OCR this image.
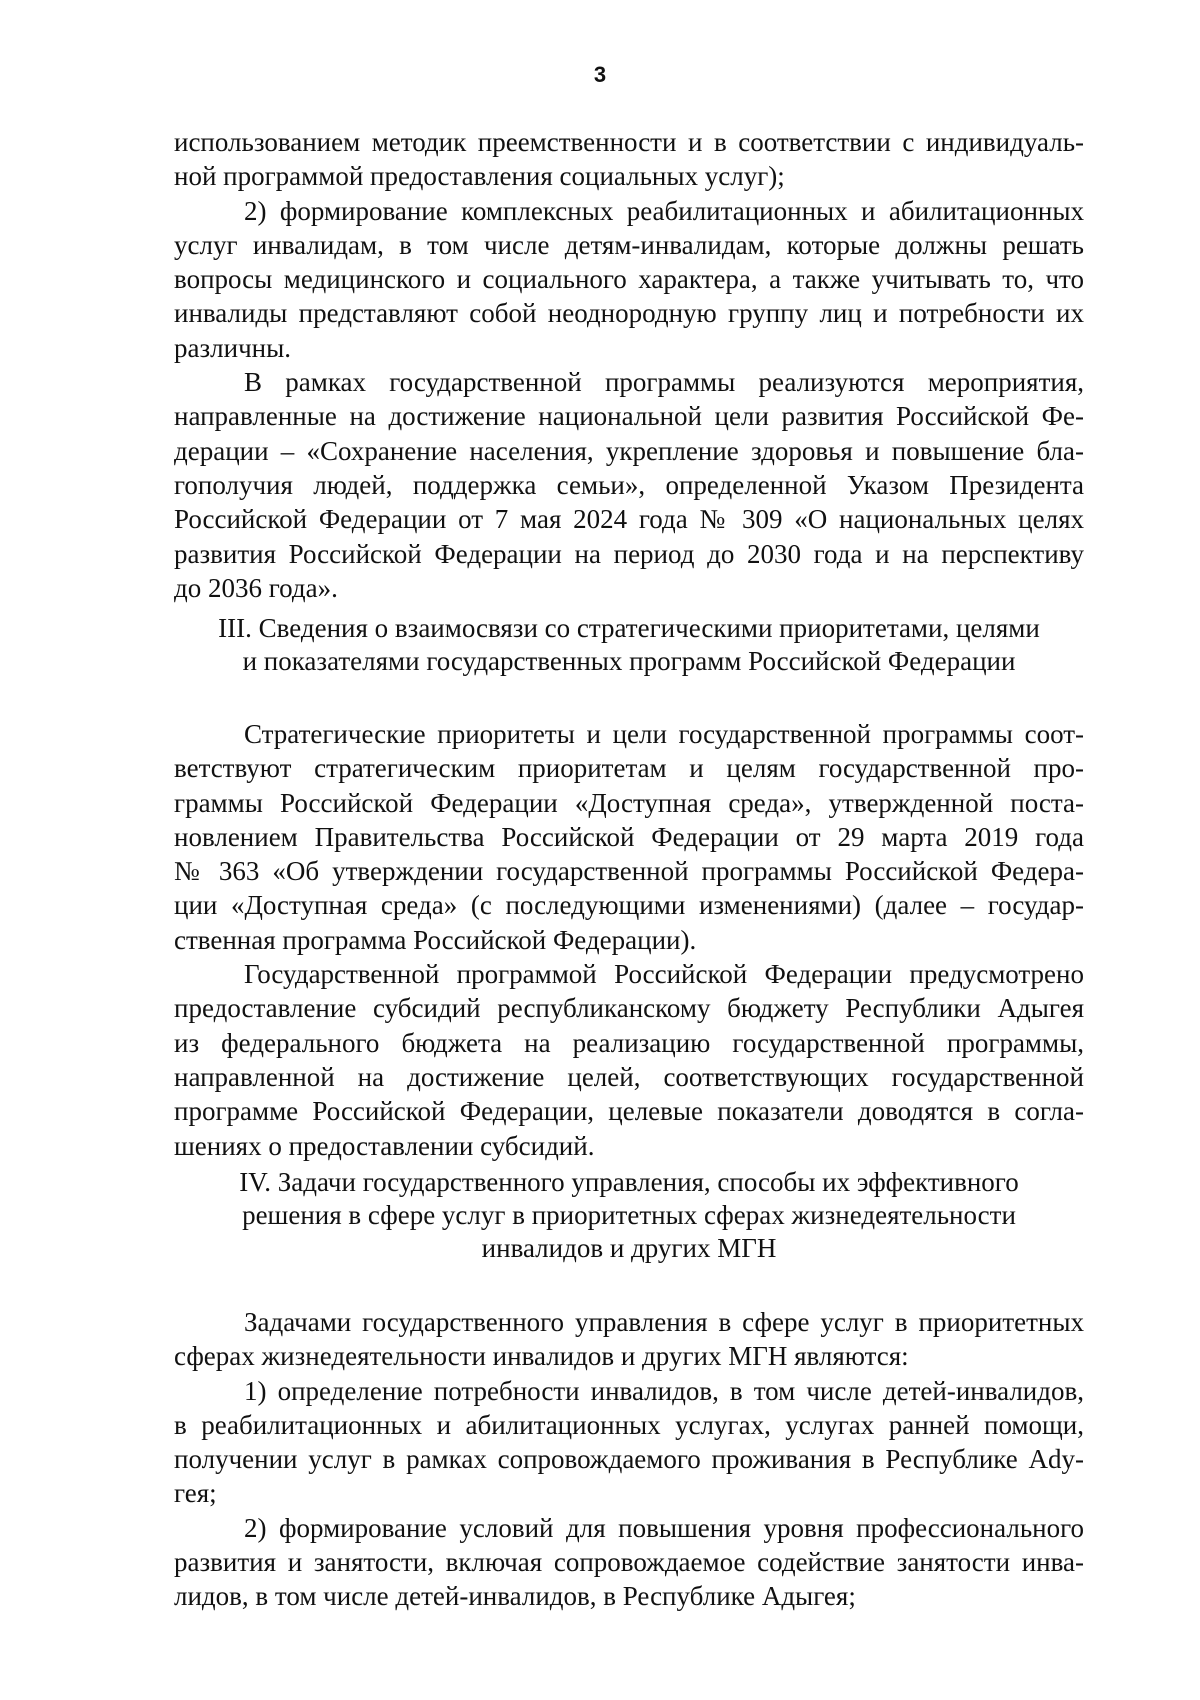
3
использованием методик преемственности и в соответствии с индивидуаль-
ной программой предоставления социальных услуг);
2) формирование комплексных реабилитационных и абилитационных
услуг инвалидам, в том числе детям-инвалидам, которые должны решать
вопросы медицинского и социального характера, а также учитывать то, что
инвалиды представляют собой неоднородную группу лиц и потребности их
различны.
В рамках государственной программы реализуются мероприятия,
направленные на достижение национальной цели развития Российской Фе-
дерации – «Сохранение населения, укрепление здоровья и повышение бла-
гополучия людей, поддержка семьи», определенной Указом Президента
Российской Федерации от 7 мая 2024 года № 309 «О национальных целях
развития Российской Федерации на период до 2030 года и на перспективу
до 2036 года».
III. Сведения о взаимосвязи со стратегическими приоритетами, целями
и показателями государственных программ Российской Федерации
Стратегические приоритеты и цели государственной программы соот-
ветствуют стратегическим приоритетам и целям государственной про-
граммы Российской Федерации «Доступная среда», утвержденной поста-
новлением Правительства Российской Федерации от 29 марта 2019 года
№ 363 «Об утверждении государственной программы Российской Федера-
ции «Доступная среда» (с последующими изменениями) (далее – государ-
ственная программа Российской Федерации).
Государственной программой Российской Федерации предусмотрено
предоставление субсидий республиканскому бюджету Республики Адыгея
из федерального бюджета на реализацию государственной программы,
направленной на достижение целей, соответствующих государственной
программе Российской Федерации, целевые показатели доводятся в согла-
шениях о предоставлении субсидий.
IV. Задачи государственного управления, способы их эффективного
решения в сфере услуг в приоритетных сферах жизнедеятельности
инвалидов и других МГН
Задачами государственного управления в сфере услуг в приоритетных
сферах жизнедеятельности инвалидов и других МГН являются:
1) определение потребности инвалидов, в том числе детей-инвалидов,
в реабилитационных и абилитационных услугах, услугах ранней помощи,
получении услуг в рамках сопровождаемого проживания в Республике Ady-
гея;
2) формирование условий для повышения уровня профессионального
развития и занятости, включая сопровождаемое содействие занятости инва-
лидов, в том числе детей-инвалидов, в Республике Адыгея;
